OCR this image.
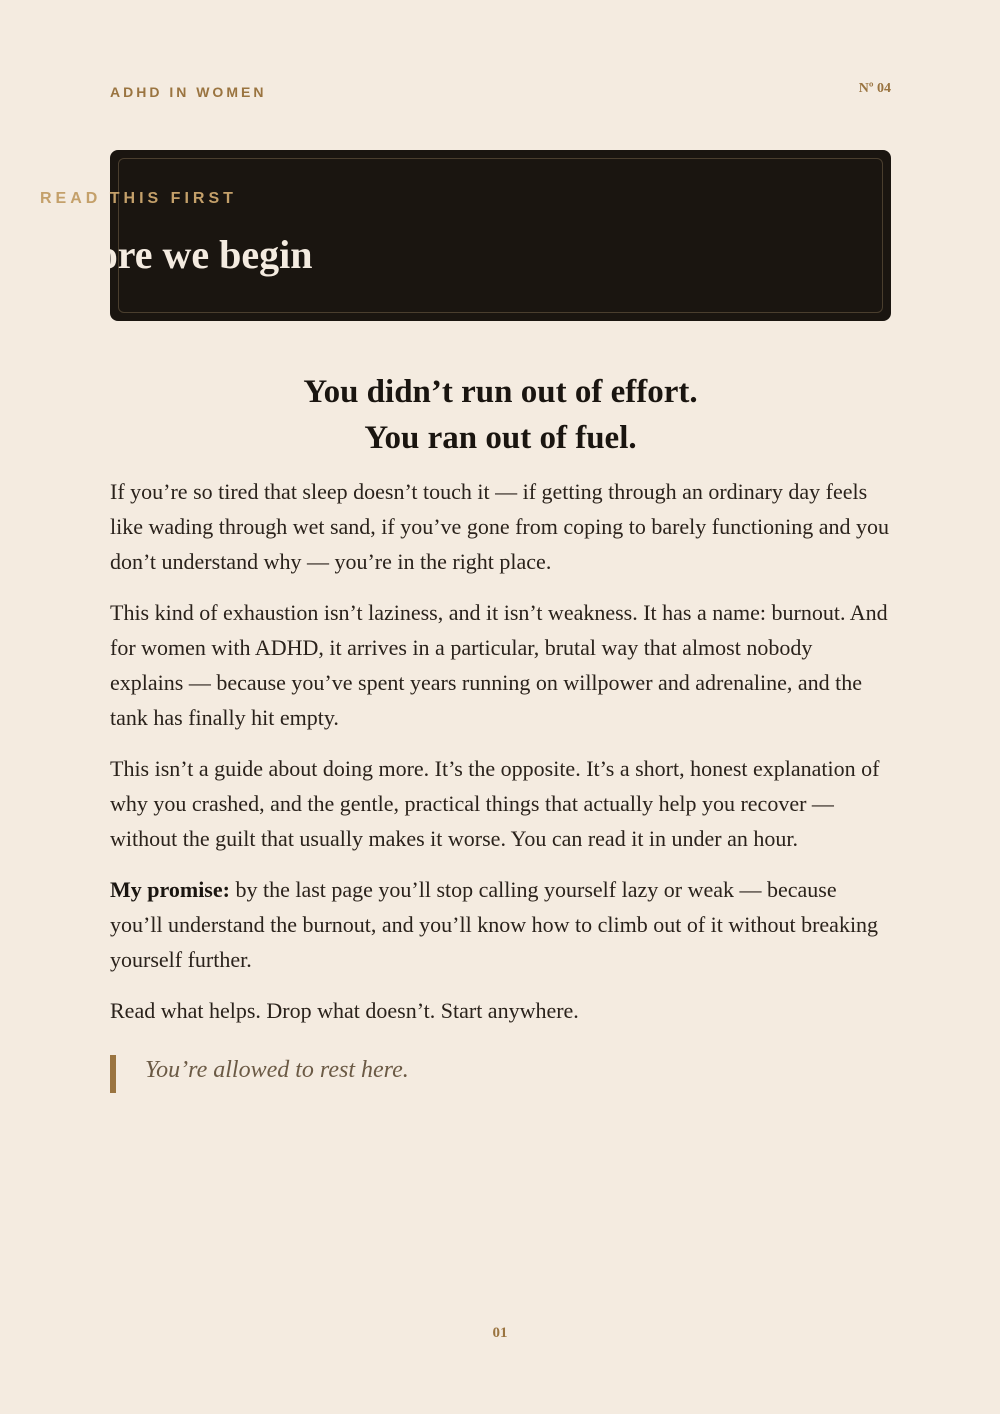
ADHD IN WOMEN	Nº 04
READ THIS FIRST
Before we begin
You didn’t run out of effort.
You ran out of fuel.

If you’re so tired that sleep doesn’t touch it — if getting through an ordinary day feels like wading through wet sand, if you’ve gone from coping to barely functioning and you don’t understand why — you’re in the right place.

This kind of exhaustion isn’t laziness, and it isn’t weakness. It has a name: burnout. And for women with ADHD, it arrives in a particular, brutal way that almost nobody explains — because you’ve spent years running on willpower and adrenaline, and the tank has finally hit empty.

This isn’t a guide about doing more. It’s the opposite. It’s a short, honest explanation of why you crashed, and the gentle, practical things that actually help you recover — without the guilt that usually makes it worse. You can read it in under an hour.

My promise: by the last page you’ll stop calling yourself lazy or weak — because you’ll understand the burnout, and you’ll know how to climb out of it without breaking yourself further.

Read what helps. Drop what doesn’t. Start anywhere.

You’re allowed to rest here.
01
